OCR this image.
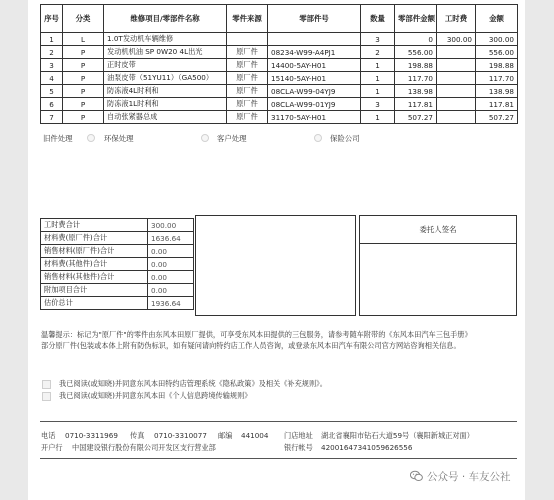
序号	分类	维修项目/零部件名称	零件来源	零部件号	数量	零部件金额	工时费	金额
1	L	1.0T发动机车辆维修			3	0	300.00	300.00
2	P	发动机机油 SP 0W20 4L出光	原厂件	08234-W99-A4PJ1	2	556.00		556.00
3	P	正时皮带	原厂件	14400-5AY-H01	1	198.88		198.88
4	P	油泵皮带（51YU11）（GA500）	原厂件	15140-5AY-H01	1	117.70		117.70
5	P	防冻液4L时利和	原厂件	08CLA-W99-04YJ9	1	138.98		138.98
6	P	防冻液1L时利和	原厂件	08CLA-W99-01YJ9	3	117.81		117.81
7	P	自动张紧器总成	原厂件	31170-5AY-H01	1	507.27		507.27
旧件处理	环保处理	客户处理	保险公司
工时费合计	300.00
材料费(原厂件)合计	1636.64
销售材料(原厂件)合计	0.00
材料费(其他件)合计	0.00
销售材料(其他件)合计	0.00
附加项目合计	0.00
估价总计	1936.64
委托人签名
温馨提示：标记为"原厂件"的零件由东风本田原厂提供，可享受东风本田提供的三包服务，请参考随车附带的《东风本田汽车三包手册》
部分原厂件(包装或本体上附有防伪标识，如有疑问请向特约店工作人员咨询，或登录东风本田汽车有限公司官方网站咨询相关信息。
我已阅读(或知晓)并同意东风本田特约店管理系统《隐私政策》及相关《补充规则》。
我已阅读(或知晓)并同意东风本田《个人信息跨境传输规则》
电话 0710-3311969 传真 0710-3310077 邮编 441004 门店地址 湖北省襄阳市钻石大道59号（襄阳新城正对面）
开户行 中国建设银行股份有限公司开发区支行营业部	银行帐号 42001647341059626556
公众号 · 车友公社
